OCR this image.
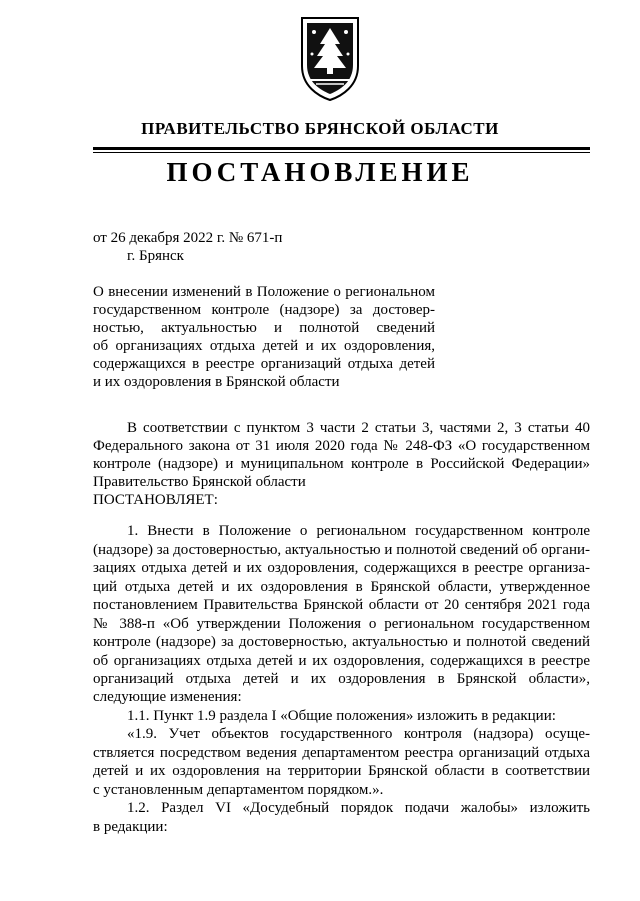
ПРАВИТЕЛЬСТВО БРЯНСКОЙ ОБЛАСТИ
ПОСТАНОВЛЕНИЕ
от 26 декабря 2022 г. № 671-п
г. Брянск
О внесении изменений в Положение о региональном
государственном контроле (надзоре) за достовер-
ностью, актуальностью и полнотой сведений
об организациях отдыха детей и их оздоровления,
содержащихся в реестре организаций отдыха детей
и их оздоровления в Брянской области
В соответствии с пунктом 3 части 2 статьи 3, частями 2, 3 статьи 40
Федерального закона от 31 июля 2020 года № 248-ФЗ «О государственном
контроле (надзоре) и муниципальном контроле в Российской Федерации»
Правительство Брянской области
ПОСТАНОВЛЯЕТ:
1. Внести в Положение о региональном государственном контроле
(надзоре) за достоверностью, актуальностью и полнотой сведений об органи-
зациях отдыха детей и их оздоровления, содержащихся в реестре организа-
ций отдыха детей и их оздоровления в Брянской области, утвержденное
постановлением Правительства Брянской области от 20 сентября 2021 года
№ 388-п «Об утверждении Положения о региональном государственном
контроле (надзоре) за достоверностью, актуальностью и полнотой сведений
об организациях отдыха детей и их оздоровления, содержащихся в реестре
организаций отдыха детей и их оздоровления в Брянской области»,
следующие изменения:
1.1. Пункт 1.9 раздела I «Общие положения» изложить в редакции:
«1.9. Учет объектов государственного контроля (надзора) осуще-
ствляется посредством ведения департаментом реестра организаций отдыха
детей и их оздоровления на территории Брянской области в соответствии
с установленным департаментом порядком.».
1.2. Раздел VI «Досудебный порядок подачи жалобы» изложить
в редакции:
